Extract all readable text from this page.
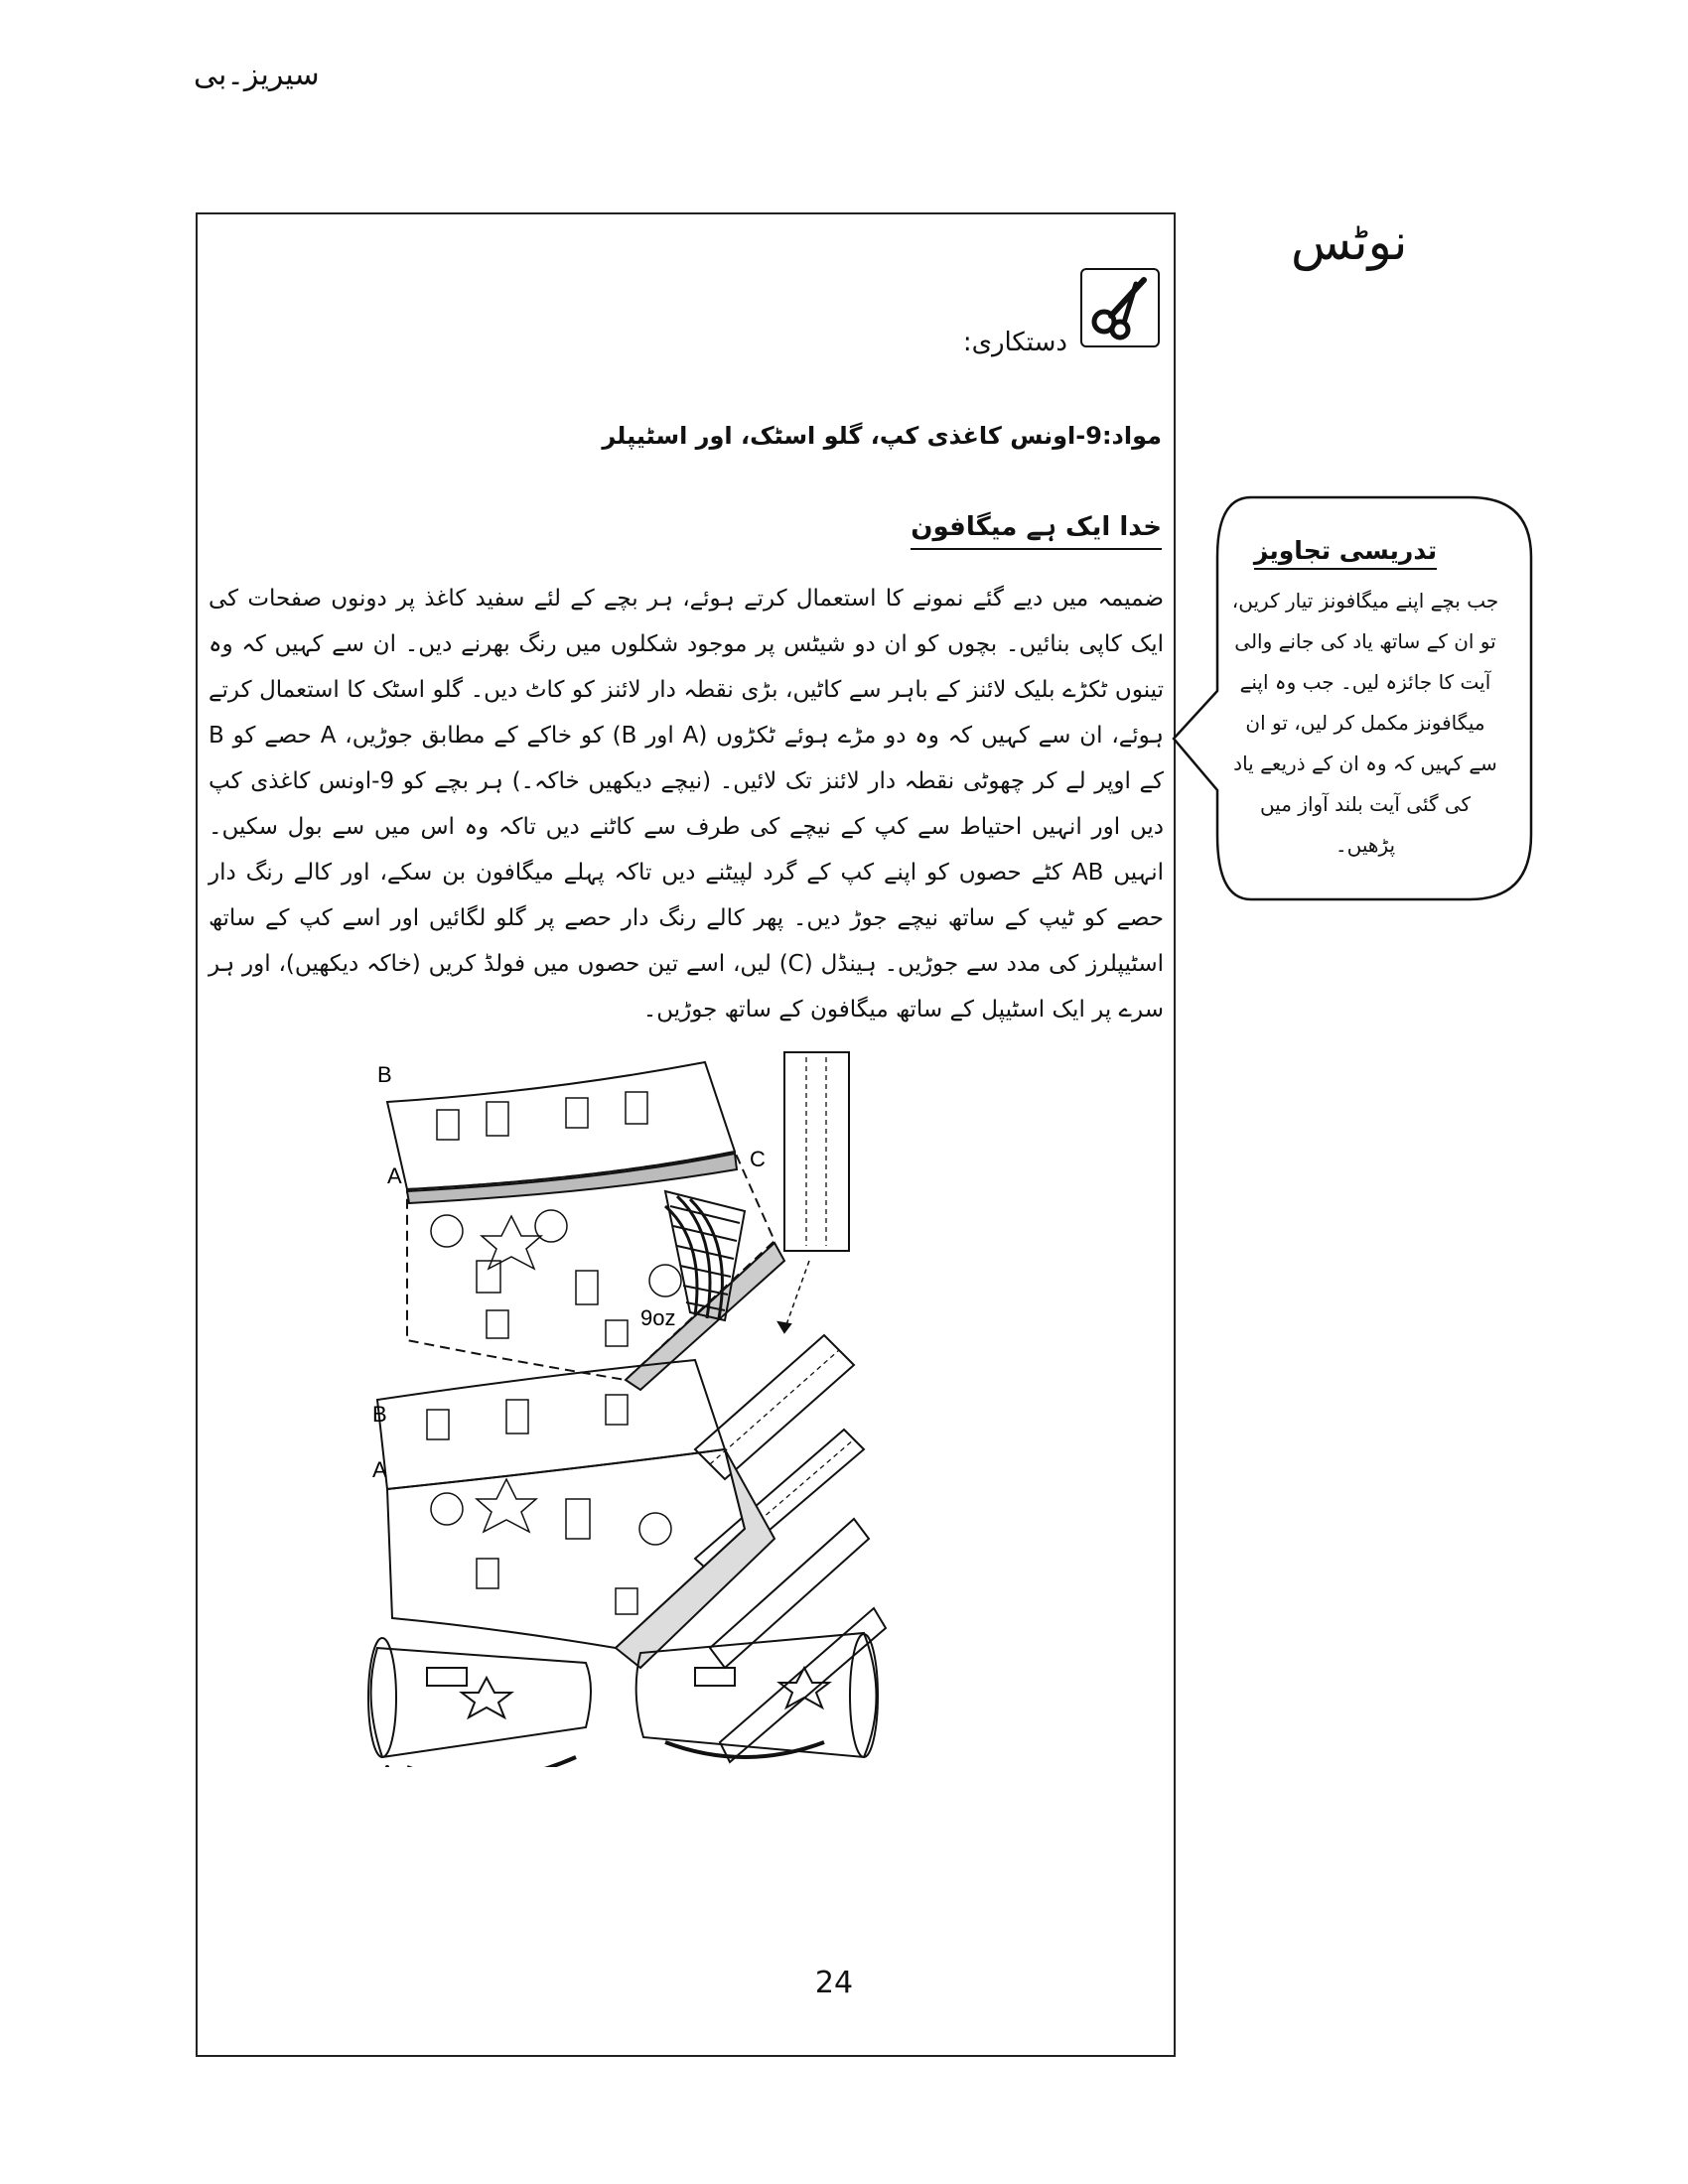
سیریز۔بی
نوٹس
دستکاری:
مواد:9-اونس کاغذی کپ، گلو اسٹک، اور اسٹیپلر
خدا ایک ہے میگافون
ضمیمہ میں دیے گئے نمونے کا استعمال کرتے ہوئے، ہر بچے کے لئے سفید کاغذ پر دونوں صفحات کی ایک کاپی بنائیں۔ بچوں کو ان دو شیٹس پر موجود شکلوں میں رنگ بھرنے دیں۔ ان سے کہیں کہ وہ تینوں ٹکڑے بلیک لائنز کے باہر سے کاٹیں، بڑی نقطہ دار لائنز کو کاٹ دیں۔ گلو اسٹک کا استعمال کرتے ہوئے، ان سے کہیں کہ وہ دو مڑے ہوئے ٹکڑوں (A اور B) کو خاکے کے مطابق جوڑیں، A حصے کو B کے اوپر لے کر چھوٹی نقطہ دار لائنز تک لائیں۔ (نیچے دیکھیں خاکہ۔) ہر بچے کو 9-اونس کاغذی کپ دیں اور انہیں احتیاط سے کپ کے نیچے کی طرف سے کاٹنے دیں تاکہ وہ اس میں سے بول سکیں۔ انہیں AB کٹے حصوں کو اپنے کپ کے گرد لپیٹنے دیں تاکہ پہلے میگافون بن سکے، اور کالے رنگ دار حصے کو ٹیپ کے ساتھ نیچے جوڑ دیں۔ پھر کالے رنگ دار حصے پر گلو لگائیں اور اسے کپ کے ساتھ اسٹیپلرز کی مدد سے جوڑیں۔ ہینڈل (C) لیں، اسے تین حصوں میں فولڈ کریں (خاکہ دیکھیں)، اور ہر سرے پر ایک اسٹیپل کے ساتھ میگافون کے ساتھ جوڑیں۔
تدریسی تجاویز
جب بچے اپنے میگافونز تیار کریں، تو ان کے ساتھ یاد کی جانے والی آیت کا جائزہ لیں۔ جب وہ اپنے میگافونز مکمل کر لیں، تو ان سے کہیں کہ وہ ان کے ذریعے یاد کی گئی آیت بلند آواز میں پڑھیں۔
B
A
B
A
C
9oz
24
